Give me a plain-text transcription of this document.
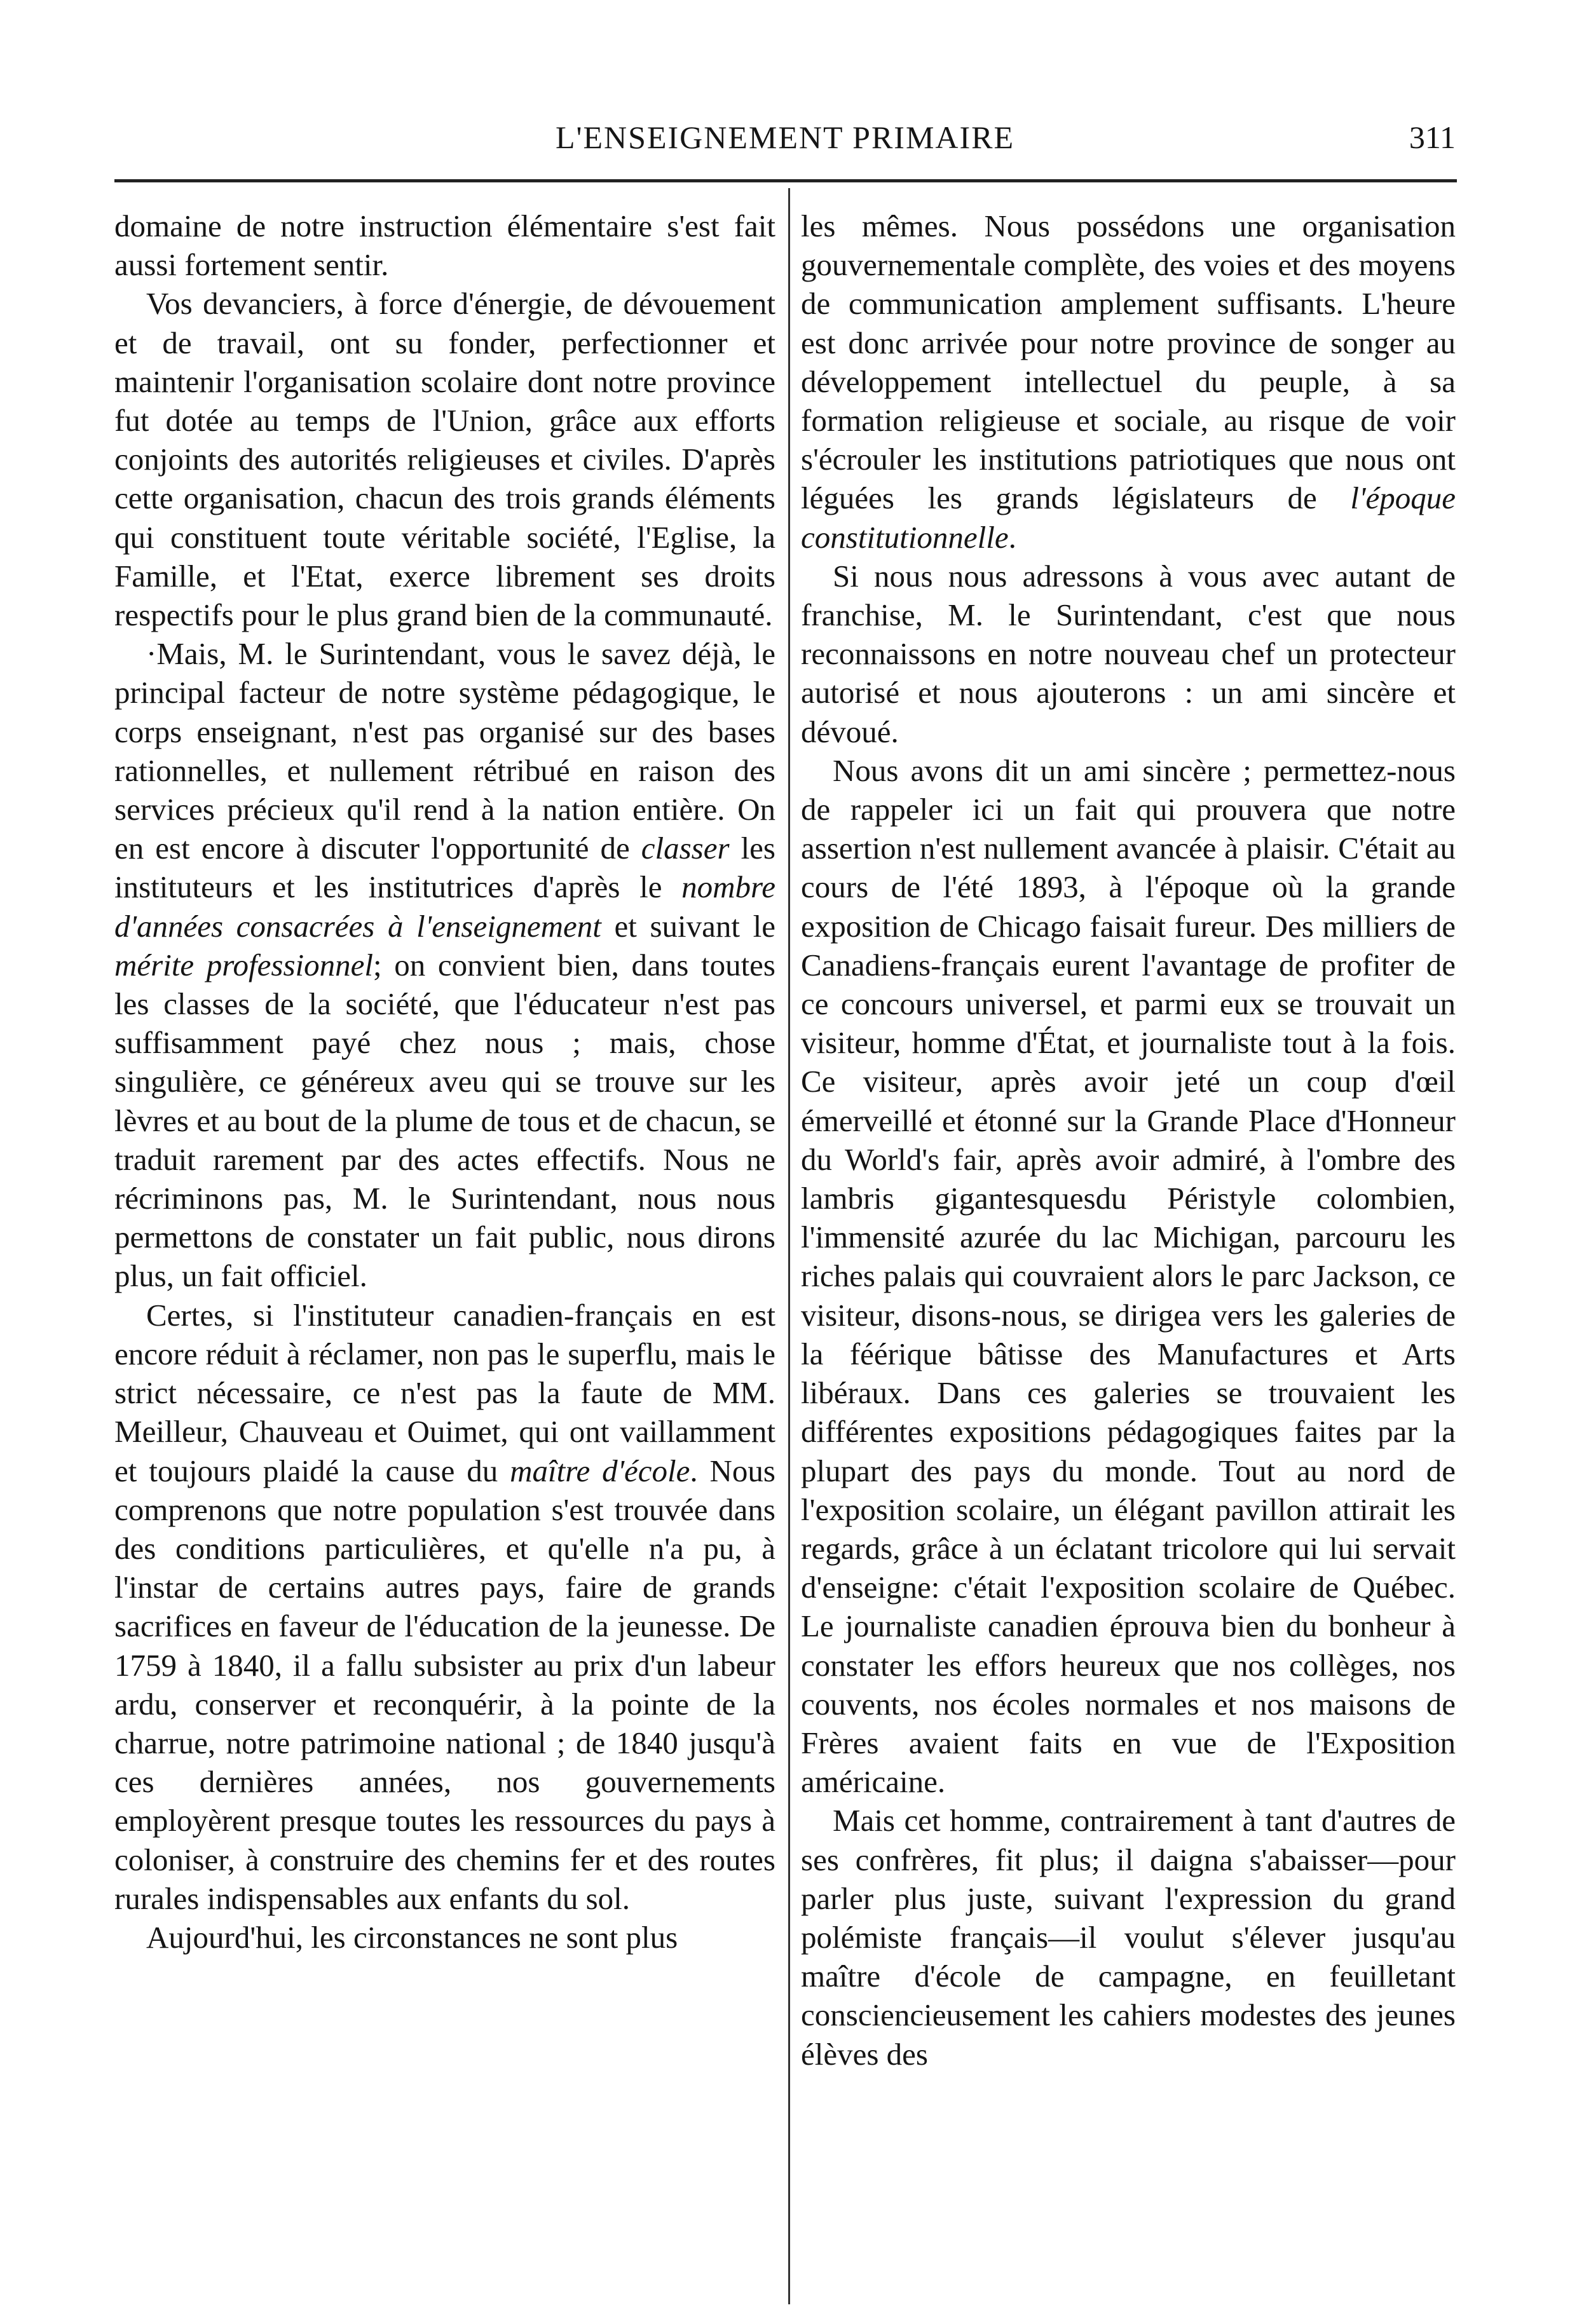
L'ENSEIGNEMENT PRIMAIRE	311

domaine de notre instruction élémentaire s'est fait aussi fortement sentir.

Vos devanciers, à force d'énergie, de dévouement et de travail, ont su fonder, perfectionner et maintenir l'organisation scolaire dont notre province fut dotée au temps de l'Union, grâce aux efforts conjoints des autorités religieuses et civiles. D'après cette organisation, chacun des trois grands éléments qui constituent toute véritable société, l'Eglise, la Famille, et l'Etat, exerce librement ses droits respectifs pour le plus grand bien de la communauté.

·Mais, M. le Surintendant, vous le savez déjà, le principal facteur de notre système pédagogique, le corps enseignant, n'est pas organisé sur des bases rationnelles, et nullement rétribué en raison des services précieux qu'il rend à la nation entière. On en est encore à discuter l'opportunité de classer les instituteurs et les institutrices d'après le nombre d'années consacrées à l'enseignement et suivant le mérite professionnel; on convient bien, dans toutes les classes de la société, que l'éducateur n'est pas suffisamment payé chez nous ; mais, chose singulière, ce généreux aveu qui se trouve sur les lèvres et au bout de la plume de tous et de chacun, se traduit rarement par des actes effectifs. Nous ne récriminons pas, M. le Surintendant, nous nous permettons de constater un fait public, nous dirons plus, un fait officiel.

Certes, si l'instituteur canadien-français en est encore réduit à réclamer, non pas le superflu, mais le strict nécessaire, ce n'est pas la faute de MM. Meilleur, Chauveau et Ouimet, qui ont vaillamment et toujours plaidé la cause du maître d'école. Nous comprenons que notre population s'est trouvée dans des conditions particulières, et qu'elle n'a pu, à l'instar de certains autres pays, faire de grands sacrifices en faveur de l'éducation de la jeunesse. De 1759 à 1840, il a fallu subsister au prix d'un labeur ardu, conserver et reconquérir, à la pointe de la charrue, notre patrimoine national ; de 1840 jusqu'à ces dernières années, nos gouvernements employèrent presque toutes les ressources du pays à coloniser, à construire des chemins fer et des routes rurales indispensables aux enfants du sol.

Aujourd'hui, les circonstances ne sont plus

les mêmes. Nous possédons une organisation gouvernementale complète, des voies et des moyens de communication amplement suffisants. L'heure est donc arrivée pour notre province de songer au développement intellectuel du peuple, à sa formation religieuse et sociale, au risque de voir s'écrouler les institutions patriotiques que nous ont léguées les grands législateurs de l'époque constitutionnelle.

Si nous nous adressons à vous avec autant de franchise, M. le Surintendant, c'est que nous reconnaissons en notre nouveau chef un protecteur autorisé et nous ajouterons : un ami sincère et dévoué.

Nous avons dit un ami sincère ; permettez-nous de rappeler ici un fait qui prouvera que notre assertion n'est nullement avancée à plaisir. C'était au cours de l'été 1893, à l'époque où la grande exposition de Chicago faisait fureur. Des milliers de Canadiens-français eurent l'avantage de profiter de ce concours universel, et parmi eux se trouvait un visiteur, homme d'État, et journaliste tout à la fois. Ce visiteur, après avoir jeté un coup d'œil émerveillé et étonné sur la Grande Place d'Honneur du World's fair, après avoir admiré, à l'ombre des lambris gigantesquesdu Péristyle colombien, l'immensité azurée du lac Michigan, parcouru les riches palais qui couvraient alors le parc Jackson, ce visiteur, disons-nous, se dirigea vers les galeries de la féérique bâtisse des Manufactures et Arts libéraux. Dans ces galeries se trouvaient les différentes expositions pédagogiques faites par la plupart des pays du monde. Tout au nord de l'exposition scolaire, un élégant pavillon attirait les regards, grâce à un éclatant tricolore qui lui servait d'enseigne: c'était l'exposition scolaire de Québec. Le journaliste canadien éprouva bien du bonheur à constater les effors heureux que nos collèges, nos couvents, nos écoles normales et nos maisons de Frères avaient faits en vue de l'Exposition américaine.

Mais cet homme, contrairement à tant d'autres de ses confrères, fit plus; il daigna s'abaisser—pour parler plus juste, suivant l'expression du grand polémiste français—il voulut s'élever jusqu'au maître d'école de campagne, en feuilletant consciencieusement les cahiers modestes des jeunes élèves des
